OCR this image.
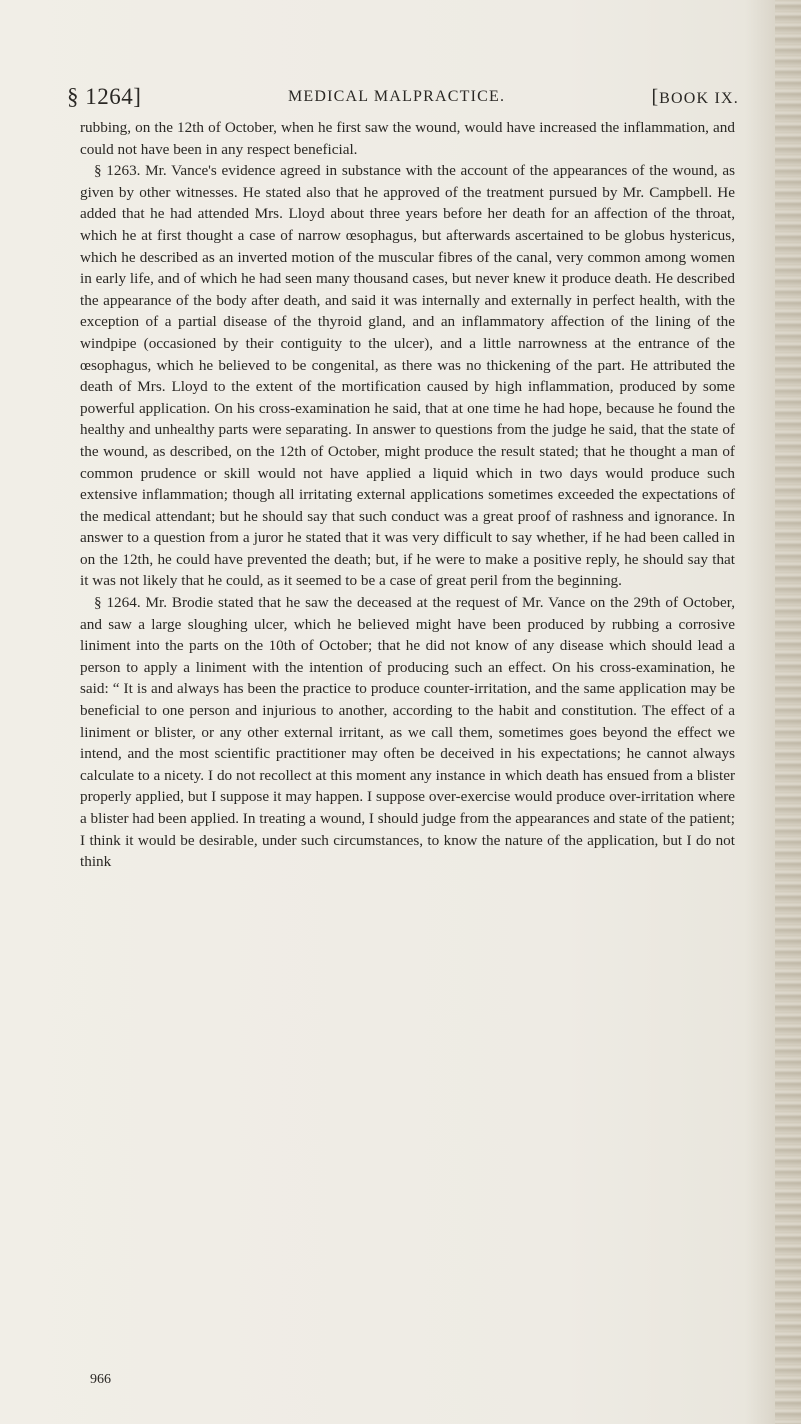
§ 1264]	MEDICAL MALPRACTICE.	[BOOK IX.

rubbing, on the 12th of October, when he first saw the wound, would have increased the inflammation, and could not have been in any respect beneficial.

§ 1263. Mr. Vance's evidence agreed in substance with the account of the appearances of the wound, as given by other witnesses. He stated also that he approved of the treatment pursued by Mr. Campbell. He added that he had attended Mrs. Lloyd about three years before her death for an affection of the throat, which he at first thought a case of narrow œsophagus, but afterwards ascertained to be globus hystericus, which he described as an inverted motion of the muscular fibres of the canal, very common among women in early life, and of which he had seen many thousand cases, but never knew it produce death. He described the appearance of the body after death, and said it was internally and externally in perfect health, with the exception of a partial disease of the thyroid gland, and an inflammatory affection of the lining of the windpipe (occasioned by their contiguity to the ulcer), and a little narrowness at the entrance of the œsophagus, which he believed to be congenital, as there was no thickening of the part. He attributed the death of Mrs. Lloyd to the extent of the mortification caused by high inflammation, produced by some powerful application. On his cross-examination he said, that at one time he had hope, because he found the healthy and unhealthy parts were separating. In answer to questions from the judge he said, that the state of the wound, as described, on the 12th of October, might produce the result stated; that he thought a man of common prudence or skill would not have applied a liquid which in two days would produce such extensive inflammation; though all irritating external applications sometimes exceeded the expectations of the medical attendant; but he should say that such conduct was a great proof of rashness and ignorance. In answer to a question from a juror he stated that it was very difficult to say whether, if he had been called in on the 12th, he could have prevented the death; but, if he were to make a positive reply, he should say that it was not likely that he could, as it seemed to be a case of great peril from the beginning.

§ 1264. Mr. Brodie stated that he saw the deceased at the request of Mr. Vance on the 29th of October, and saw a large sloughing ulcer, which he believed might have been produced by rubbing a corrosive liniment into the parts on the 10th of October; that he did not know of any disease which should lead a person to apply a liniment with the intention of producing such an effect. On his cross-examination, he said: “ It is and always has been the practice to produce counter-irritation, and the same application may be beneficial to one person and injurious to another, according to the habit and constitution. The effect of a liniment or blister, or any other external irritant, as we call them, sometimes goes beyond the effect we intend, and the most scientific practitioner may often be deceived in his expectations; he cannot always calculate to a nicety. I do not recollect at this moment any instance in which death has ensued from a blister properly applied, but I suppose it may happen. I suppose over-exercise would produce over-irritation where a blister had been applied. In treating a wound, I should judge from the appearances and state of the patient; I think it would be desirable, under such circumstances, to know the nature of the application, but I do not think

966
